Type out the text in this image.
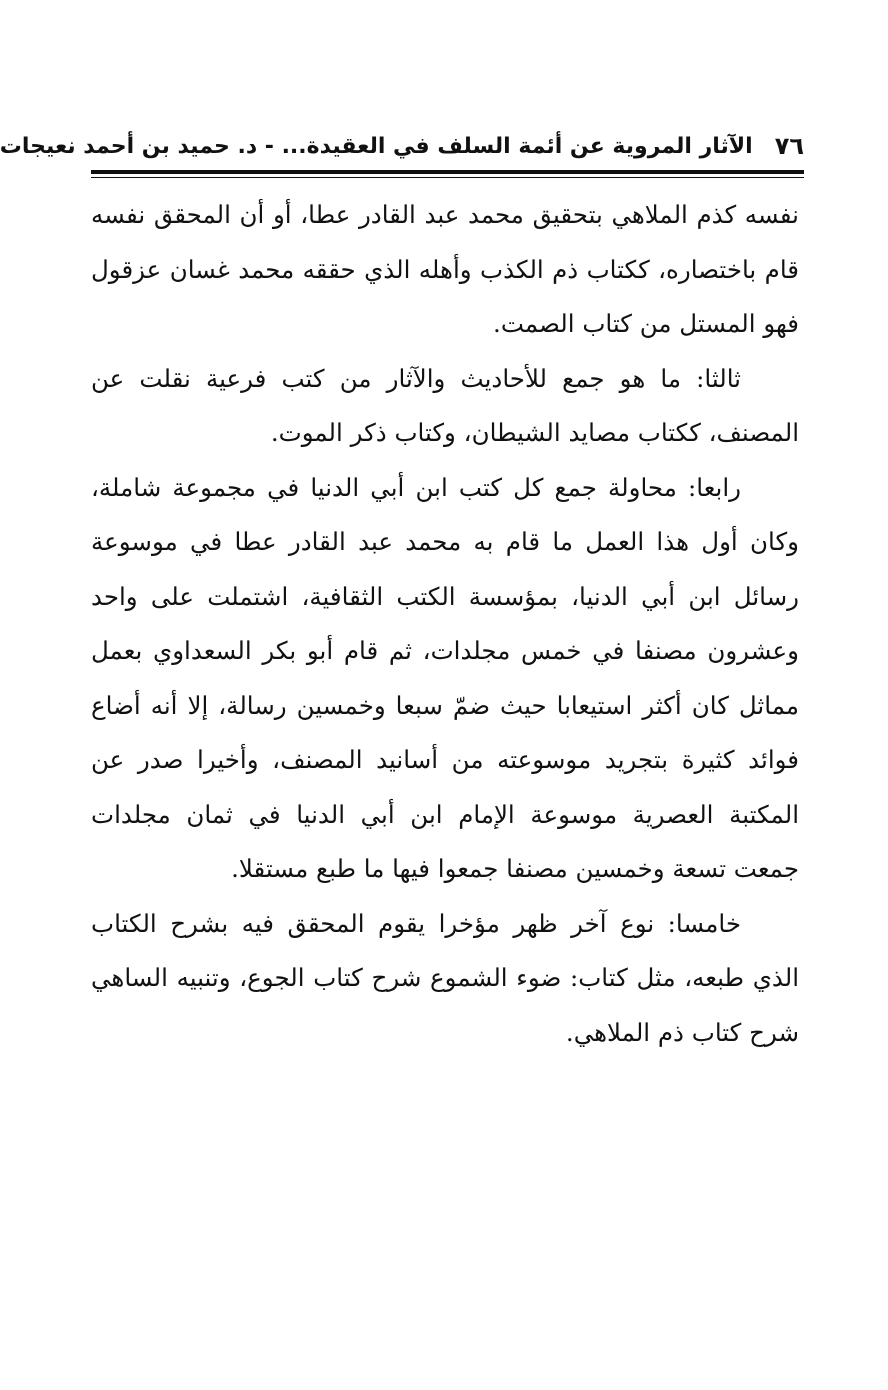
٧٦
الآثار المروية عن أئمة السلف في العقيدة... - د. حميد بن أحمد نعيجات

نفسه كذم الملاهي بتحقيق محمد عبد القادر عطا، أو أن المحقق نفسه قام باختصاره، ككتاب ذم الكذب وأهله الذي حققه محمد غسان عزقول فهو المستل من كتاب الصمت.

ثالثا: ما هو جمع للأحاديث والآثار من كتب فرعية نقلت عن المصنف، ككتاب مصايد الشيطان، وكتاب ذكر الموت.

رابعا: محاولة جمع كل كتب ابن أبي الدنيا في مجموعة شاملة، وكان أول هذا العمل ما قام به محمد عبد القادر عطا في موسوعة رسائل ابن أبي الدنيا، بمؤسسة الكتب الثقافية، اشتملت على واحد وعشرون مصنفا في خمس مجلدات، ثم قام أبو بكر السعداوي بعمل مماثل كان أكثر استيعابا حيث ضمّ سبعا وخمسين رسالة، إلا أنه أضاع فوائد كثيرة بتجريد موسوعته من أسانيد المصنف، وأخيرا صدر عن المكتبة العصرية موسوعة الإمام ابن أبي الدنيا في ثمان مجلدات جمعت تسعة وخمسين مصنفا جمعوا فيها ما طبع مستقلا.

خامسا: نوع آخر ظهر مؤخرا يقوم المحقق فيه بشرح الكتاب الذي طبعه، مثل كتاب: ضوء الشموع شرح كتاب الجوع، وتنبيه الساهي شرح كتاب ذم الملاهي.
